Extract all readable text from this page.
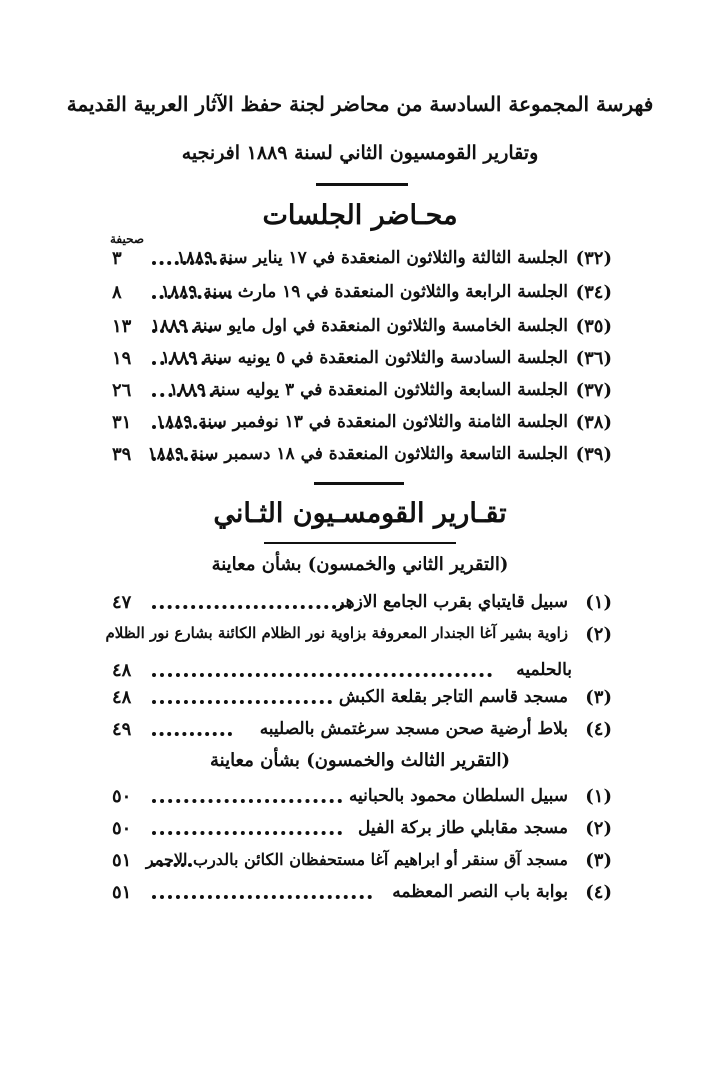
فهرسة المجموعة السادسة من محاضر لجنة حفظ الآثار العربية القديمة
وتقارير القومسيون الثاني لسنة ١٨٨٩ افرنجيه
محـاضر الجلسات
صحيفة
(٣٢)
الجلسة الثالثة والثلاثون المنعقدة في ١٧ يناير سنة ١٨٨٩
٣
(٣٤)
الجلسة الرابعة والثلاثون المنعقدة في ١٩ مارث سنة ١٨٨٩
٨
(٣٥)
الجلسة الخامسة والثلاثون المنعقدة في اول مايو سنة ١٨٨٩
١٣
(٣٦)
الجلسة السادسة والثلاثون المنعقدة في ٥ يونيه سنة ١٨٨٩
١٩
(٣٧)
الجلسة السابعة والثلاثون المنعقدة في ٣ يوليه سنة ١٨٨٩
٢٦
(٣٨)
الجلسة الثامنة والثلاثون المنعقدة في ١٣ نوفمبر سنة ١٨٨٩
٣١
(٣٩)
الجلسة التاسعة والثلاثون المنعقدة في ١٨ دسمبر سنة ١٨٨٩
٣٩
تقـارير القومسـيون الثـاني
(التقرير الثاني والخمسون) بشأن معاينة
(١)
سبيل قايتباي بقرب الجامع الازهر
٤٧
(٢)
زاوية بشير آغا الجندار المعروفة بزاوية نور الظلام الكائنة بشارع نور الظلام
بالحلميه
٤٨
(٣)
مسجد قاسم التاجر بقلعة الكبش
٤٨
(٤)
بلاط أرضية صحن مسجد سرغتمش بالصليبه
٤٩
(التقرير الثالث والخمسون) بشأن معاينة
(١)
سبيل السلطان محمود بالحبانيه
٥٠
(٢)
مسجد مقابلي طاز بركة الفيل
٥٠
(٣)
مسجد آق سنقر أو ابراهيم آغا مستحفظان الكائن بالدرب الاحمر
٥١
(٤)
بوابة باب النصر المعظمه
٥١
